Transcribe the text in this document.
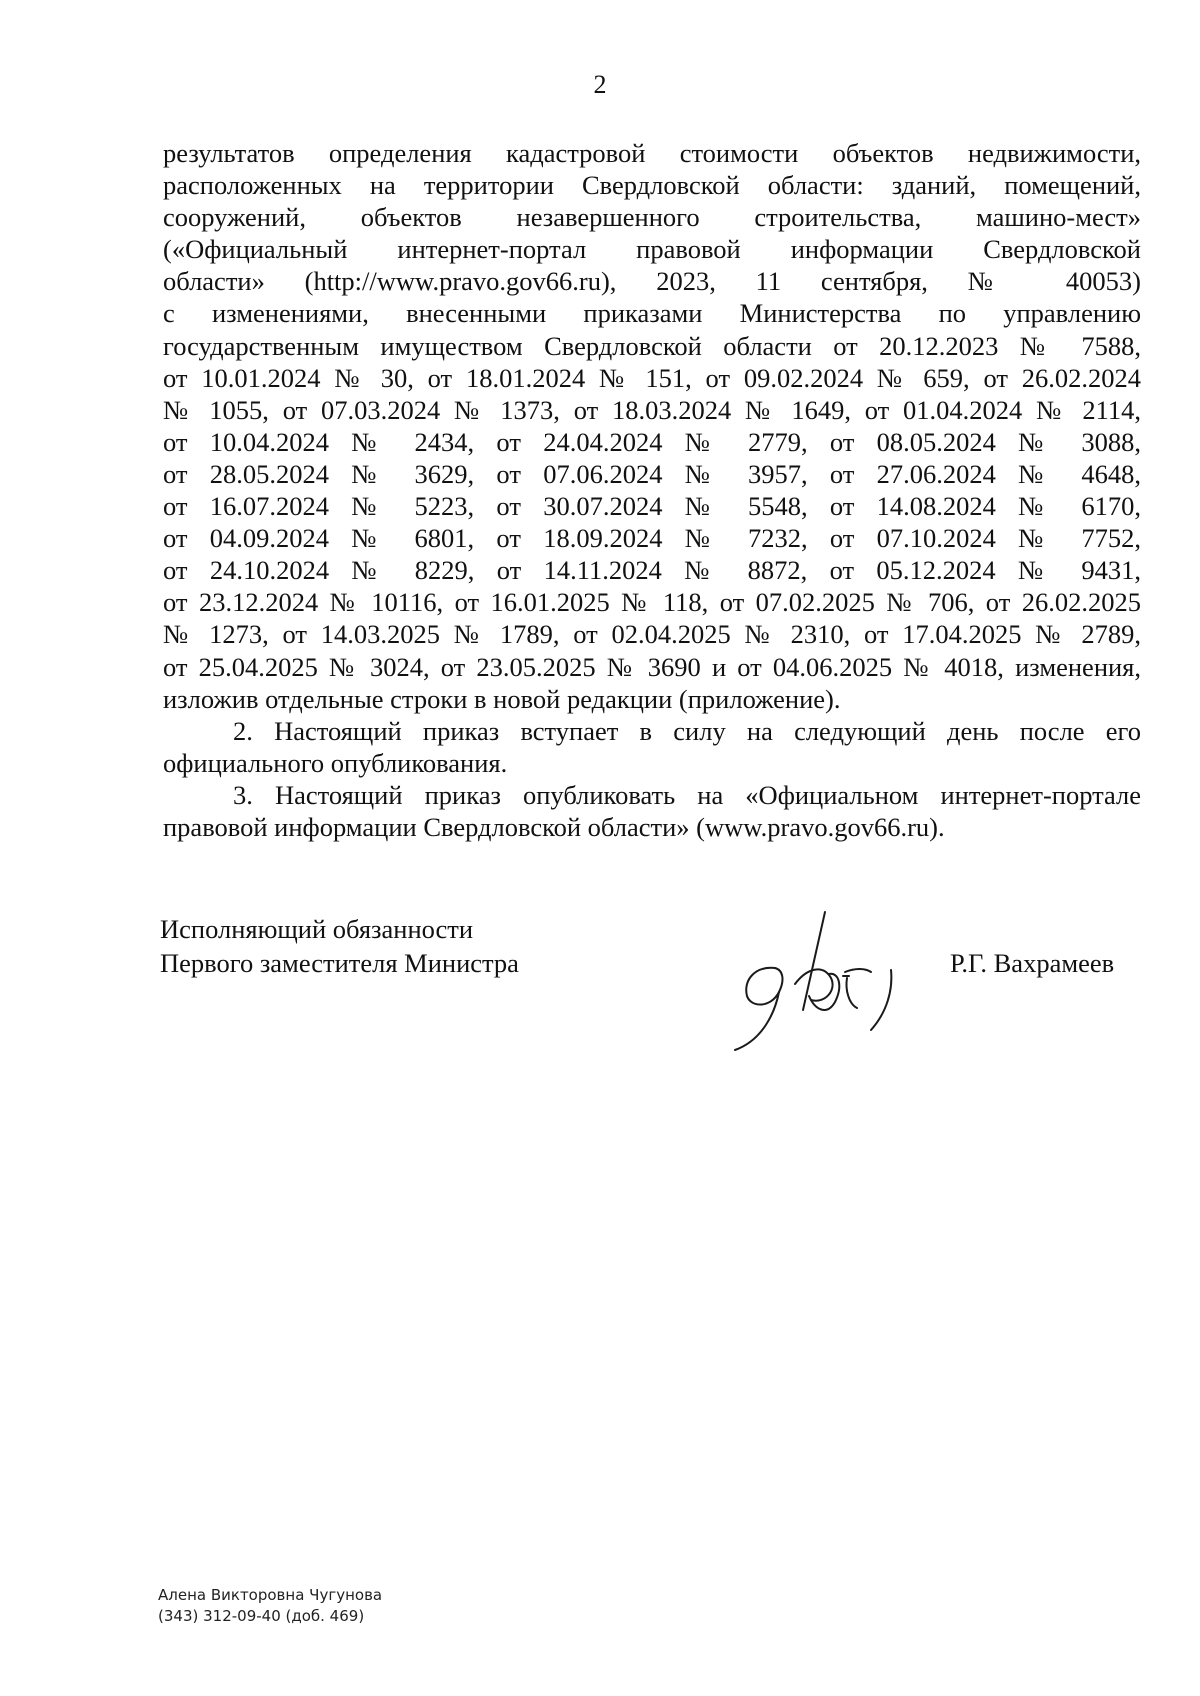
2

результатов определения кадастровой стоимости объектов недвижимости,
расположенных на территории Свердловской области: зданий, помещений,
сооружений, объектов незавершенного строительства, машино-мест»
(«Официальный интернет-портал правовой информации Свердловской
области» (http://www.pravo.gov66.ru), 2023, 11 сентября, № 40053)
с изменениями, внесенными приказами Министерства по управлению
государственным имуществом Свердловской области от 20.12.2023 № 7588,
от 10.01.2024 № 30, от 18.01.2024 № 151, от 09.02.2024 № 659, от 26.02.2024
№ 1055, от 07.03.2024 № 1373, от 18.03.2024 № 1649, от 01.04.2024 № 2114,
от 10.04.2024 № 2434, от 24.04.2024 № 2779, от 08.05.2024 № 3088,
от 28.05.2024 № 3629, от 07.06.2024 № 3957, от 27.06.2024 № 4648,
от 16.07.2024 № 5223, от 30.07.2024 № 5548, от 14.08.2024 № 6170,
от 04.09.2024 № 6801, от 18.09.2024 № 7232, от 07.10.2024 № 7752,
от 24.10.2024 № 8229, от 14.11.2024 № 8872, от 05.12.2024 № 9431,
от 23.12.2024 № 10116, от 16.01.2025 № 118, от 07.02.2025 № 706, от 26.02.2025
№ 1273, от 14.03.2025 № 1789, от 02.04.2025 № 2310, от 17.04.2025 № 2789,
от 25.04.2025 № 3024, от 23.05.2025 № 3690 и от 04.06.2025 № 4018, изменения,
изложив отдельные строки в новой редакции (приложение).

2. Настоящий приказ вступает в силу на следующий день после его официального опубликования.

3. Настоящий приказ опубликовать на «Официальном интернет-портале правовой информации Свердловской области» (www.pravo.gov66.ru).

Исполняющий обязанности
Первого заместителя Министра	Р.Г. Вахрамеев
Алена Викторовна Чугунова
(343) 312-09-40 (доб. 469)
